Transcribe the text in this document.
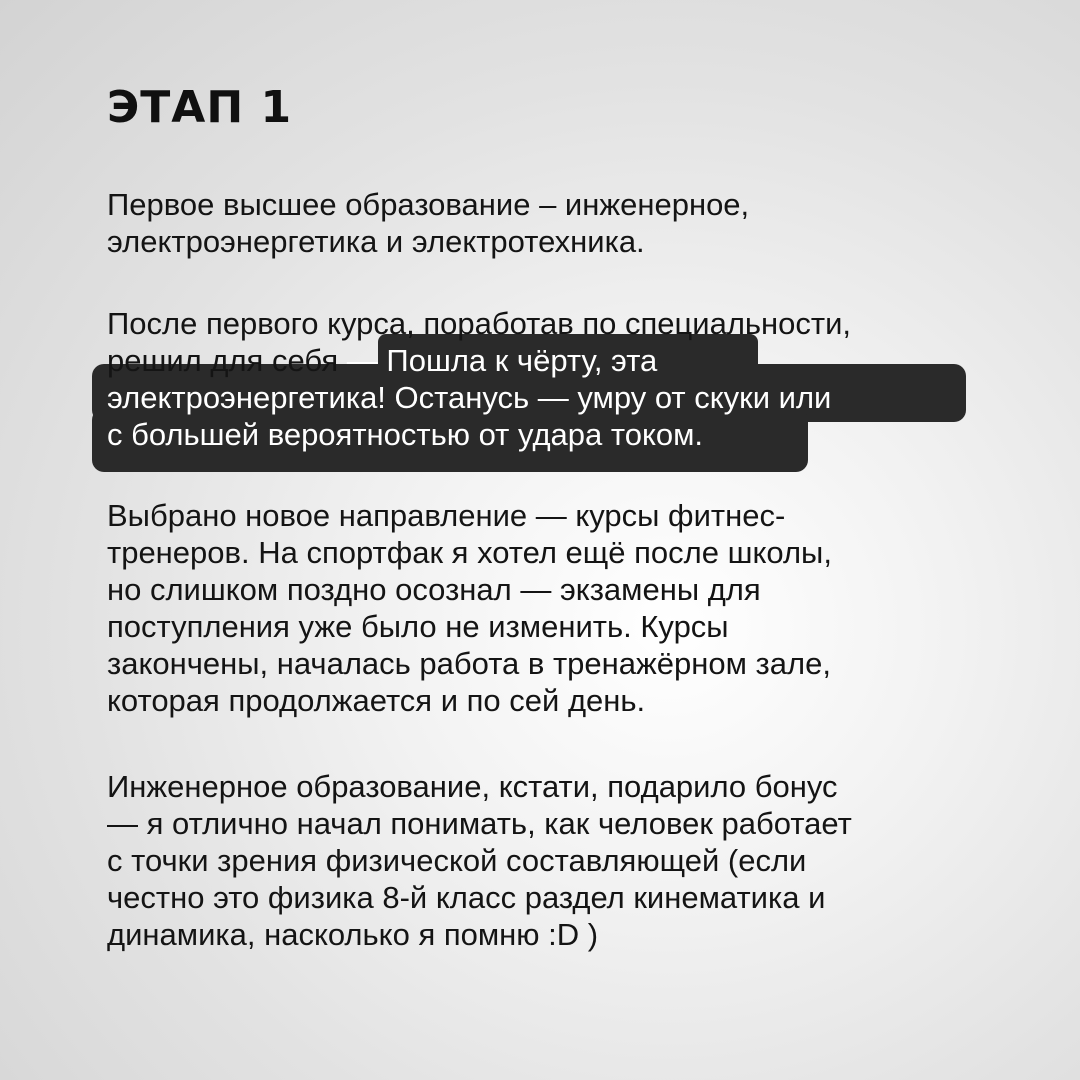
ЭТАП 1

Первое высшее образование – инженерное,
электроэнергетика и электротехника.

После первого курса, поработав по специальности,
решил для себя — Пошла к чёрту, эта
электроэнергетика! Останусь — умру от скуки или
с большей вероятностью от удара током.

Выбрано новое направление — курсы фитнес-
тренеров. На спортфак я хотел ещё после школы,
но слишком поздно осознал — экзамены для
поступления уже было не изменить. Курсы
закончены, началась работа в тренажёрном зале,
которая продолжается и по сей день.

Инженерное образование, кстати, подарило бонус
— я отлично начал понимать, как человек работает
с точки зрения физической составляющей (если
честно это физика 8-й класс раздел кинематика и
динамика, насколько я помню :D )
